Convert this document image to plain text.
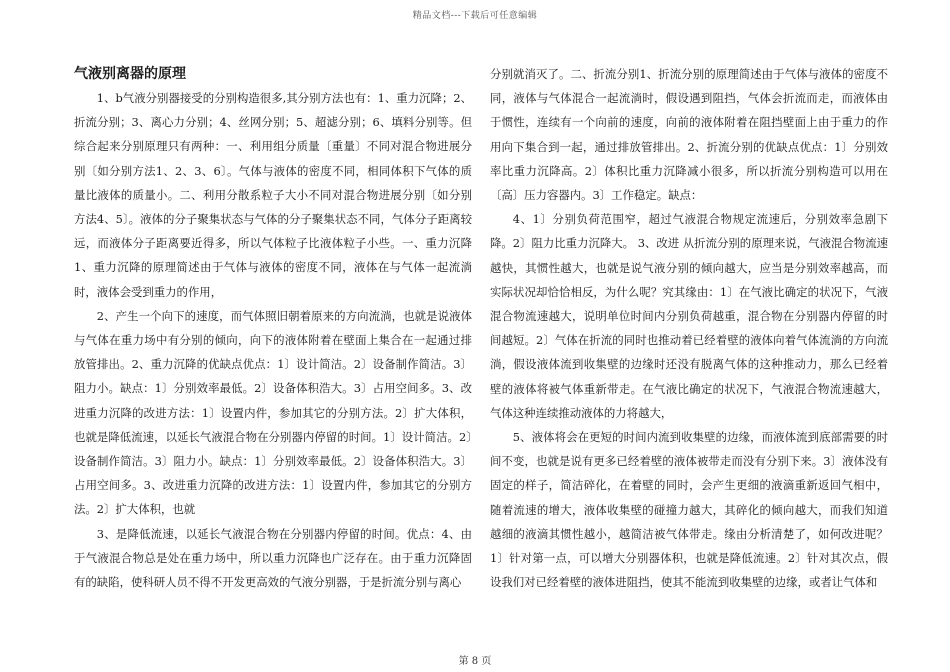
精品文档---下载后可任意编辑
气液别离器的原理

1、b气液分别器接受的分别构造很多,其分别方法也有：1、重力沉降；2、折流分别；3、离心力分别；4、丝网分别；5、超滤分别；6、填料分别等。但综合起来分别原理只有两种：一、利用组分质量〔重量〕不同对混合物进展分别〔如分别方法1、2、3、6〕。气体与液体的密度不同，相同体积下气体的质量比液体的质量小。二、利用分散系粒子大小不同对混合物进展分别〔如分别方法4、5〕。液体的分子聚集状态与气体的分子聚集状态不同，气体分子距离较远，而液体分子距离要近得多，所以气体粒子比液体粒子小些。一、重力沉降1、重力沉降的原理简述由于气体与液体的密度不同，液体在与气体一起流淌时，液体会受到重力的作用，

2、产生一个向下的速度，而气体照旧朝着原来的方向流淌，也就是说液体与气体在重力场中有分别的倾向，向下的液体附着在壁面上集合在一起通过排放管排出。2、重力沉降的优缺点优点：1〕设计简洁。2〕设备制作简洁。3〕阻力小。缺点：1〕分别效率最低。2〕设备体积浩大。3〕占用空间多。3、改进重力沉降的改进方法：1〕设置内件，参加其它的分别方法。2〕扩大体积，也就是降低流速，以延长气液混合物在分别器内停留的时间。1〕设计简洁。2〕设备制作简洁。3〕阻力小。缺点：1〕分别效率最低。2〕设备体积浩大。3〕占用空间多。3、改进重力沉降的改进方法：1〕设置内件，参加其它的分别方法。2〕扩大体积，也就

3、是降低流速，以延长气液混合物在分别器内停留的时间。优点：4、由于气液混合物总是处在重力场中，所以重力沉降也广泛存在。由于重力沉降固有的缺陷，使科研人员不得不开发更高效的气液分别器，于是折流分别与离心

分别就消灭了。二、折流分别1、折流分别的原理简述由于气体与液体的密度不同，液体与气体混合一起流淌时，假设遇到阻挡，气体会折流而走，而液体由于惯性，连续有一个向前的速度，向前的液体附着在阻挡壁面上由于重力的作用向下集合到一起，通过排放管排出。2、折流分别的优缺点优点：1〕分别效率比重力沉降高。2〕体积比重力沉降减小很多，所以折流分别构造可以用在〔高〕压力容器内。3〕工作稳定。缺点：

4、1〕分别负荷范围窄，超过气液混合物规定流速后，分别效率急剧下降。2〕阻力比重力沉降大。 3、改进 从折流分别的原理来说，气液混合物流速越快，其惯性越大，也就是说气液分别的倾向越大，应当是分别效率越高，而实际状况却恰恰相反，为什么呢？究其缘由：1〕在气液比确定的状况下，气液混合物流速越大，说明单位时间内分别负荷越重，混合物在分别器内停留的时间越短。2〕气体在折流的同时也推动着已经着壁的液体向着气体流淌的方向流淌，假设液体流到收集壁的边缘时还没有脱离气体的这种推动力，那么已经着壁的液体将被气体重新带走。在气液比确定的状况下，气液混合物流速越大，气体这种连续推动液体的力将越大，

5、液体将会在更短的时间内流到收集壁的边缘，而液体流到底部需要的时间不变，也就是说有更多已经着壁的液体被带走而没有分别下来。3〕液体没有固定的样子，简洁碎化，在着壁的同时，会产生更细的液滴重新返回气相中，随着流速的增大，液体收集壁的碰撞力越大，其碎化的倾向越大，而我们知道越细的液滴其惯性越小，越简洁被气体带走。缘由分析清楚了，如何改进呢？1〕针对第一点，可以增大分别器体积，也就是降低流速。2〕针对其次点，假设我们对已经着壁的液体进阻挡，使其不能流到收集壁的边缘，或者让气体和

第 8 页
